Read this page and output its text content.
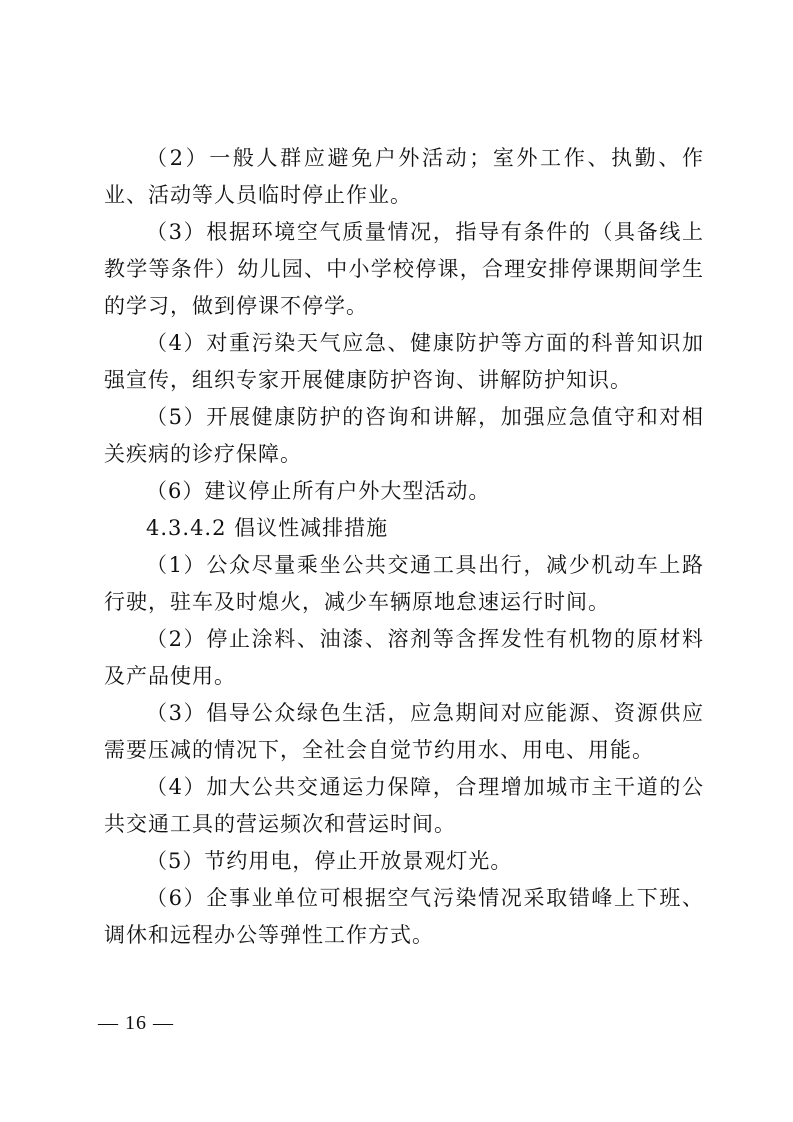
（2）一般人群应避免户外活动；室外工作、执勤、作业、活动等人员临时停止作业。

（3）根据环境空气质量情况，指导有条件的（具备线上教学等条件）幼儿园、中小学校停课，合理安排停课期间学生的学习，做到停课不停学。

（4）对重污染天气应急、健康防护等方面的科普知识加强宣传，组织专家开展健康防护咨询、讲解防护知识。

（5）开展健康防护的咨询和讲解，加强应急值守和对相关疾病的诊疗保障。

（6）建议停止所有户外大型活动。

4.3.4.2 倡议性减排措施

（1）公众尽量乘坐公共交通工具出行，减少机动车上路行驶，驻车及时熄火，减少车辆原地怠速运行时间。

（2）停止涂料、油漆、溶剂等含挥发性有机物的原材料及产品使用。

（3）倡导公众绿色生活，应急期间对应能源、资源供应需要压减的情况下，全社会自觉节约用水、用电、用能。

（4）加大公共交通运力保障，合理增加城市主干道的公共交通工具的营运频次和营运时间。

（5）节约用电，停止开放景观灯光。

（6）企事业单位可根据空气污染情况采取错峰上下班、调休和远程办公等弹性工作方式。

— 16 —
